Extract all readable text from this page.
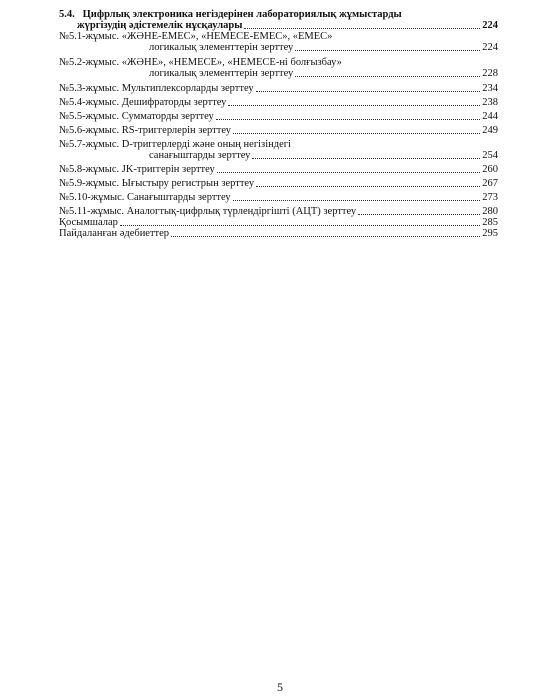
5.4.   Цифрлық электроника негіздерінен лабораториялық жұмыстарды
жүргізудің әдістемелік нұсқаулары	224
№5.1-жұмыс. «ЖӘНЕ-ЕМЕС», «НЕМЕСЕ-ЕМЕС», «ЕМЕС»
логикалық элементтерін зерттеу	224
№5.2-жұмыс. «ЖӘНЕ», «НЕМЕСЕ», «НЕМЕСЕ-ні болғызбау»
логикалық элементтерін зерттеу	228
№5.3-жұмыс. Мультиплексорларды зерттеу	234
№5.4-жұмыс. Дешифраторды зерттеу	238
№5.5-жұмыс. Сумматорды зерттеу	244
№5.6-жұмыс. RS-триггерлерін зерттеу	249
№5.7-жұмыс. D-триггерлерді және оның негізіндегі
санағыштарды зерттеу	254
№5.8-жұмыс. JK-триггерін зерттеу	260
№5.9-жұмыс. Ығыстыру регистрын зерттеу	267
№5.10-жұмыс. Санағыштарды зерттеу	273
№5.11-жұмыс. Аналогтық-цифрлық түрлендіргішті (АЦТ) зерттеу	280
Қосымшалар	285
Пайдаланған әдебиеттер	295
5
